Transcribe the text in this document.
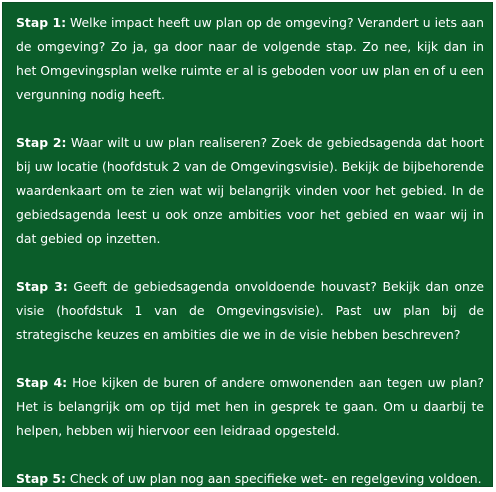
Stap 1: Welke impact heeft uw plan op de omgeving? Verandert u iets aan de omgeving? Zo ja, ga door naar de volgende stap. Zo nee, kijk dan in het Omgevingsplan welke ruimte er al is geboden voor uw plan en of u een vergunning nodig heeft.

Stap 2: Waar wilt u uw plan realiseren? Zoek de gebiedsagenda dat hoort bij uw locatie (hoofdstuk 2 van de Omgevingsvisie). Bekijk de bijbehorende waardenkaart om te zien wat wij belangrijk vinden voor het gebied. In de gebiedsagenda leest u ook onze ambities voor het gebied en waar wij in dat gebied op inzetten.

Stap 3: Geeft de gebiedsagenda onvoldoende houvast? Bekijk dan onze visie (hoofdstuk 1 van de Omgevingsvisie). Past uw plan bij de strategische keuzes en ambities die we in de visie hebben beschreven?

Stap 4: Hoe kijken de buren of andere omwonenden aan tegen uw plan? Het is belangrijk om op tijd met hen in gesprek te gaan. Om u daarbij te helpen, hebben wij hiervoor een leidraad opgesteld.

Stap 5: Check of uw plan nog aan specifieke wet- en regelgeving voldoen.
